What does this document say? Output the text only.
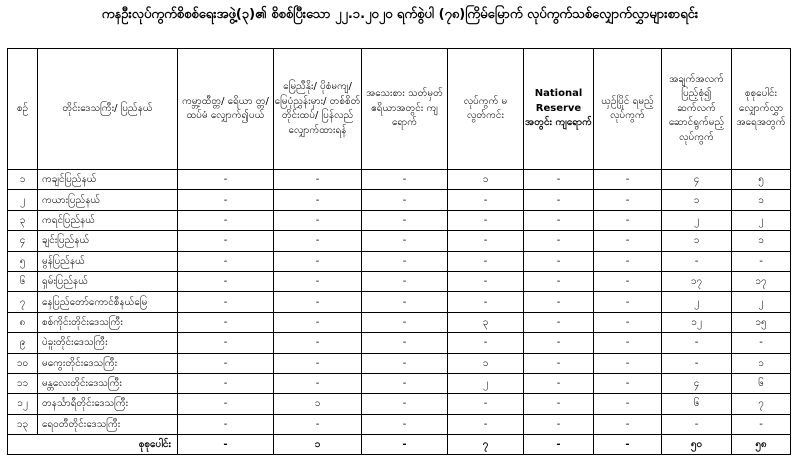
ကနဦးလုပ်ကွက်စိစစ်ရေးအဖွဲ့(၃)၏ စိစစ်ပြီးသော ၂၂.၁.၂၀၂၀ ရက်စွဲပါ (၇၈)ကြိမ်မြောက် လုပ်ကွက်သစ်လျှောက်လွှာများစာရင်း
စဉ်	တိုင်းဒေသကြီး/ ပြည်နယ်	ကမ္ဘာ့ထီတ္တ/ ရေိယာ တ္တ/ထပ်မံ လျှောက်၍ပယ်	မြေညီနိုး/ ပိုစံမကျ/ မြေပုံညွှန်းမှား/ တစ်စိတ်တိုင်းထပ်/ ပြန်လည် လျှောက်ထားရန်	အသေးစား သတ်မှတ် ဧရိယာအတွင်း ကျရောက်	လုပ်ကွက် မလွတ်ကင်း	National Reserve အတွင်း ကျရောက်	ယှဉ်ပြိုင် ရမည့် လုပ်ကွက်	အချက်အလက် ပြည့်စုံ၍ ဆက်လက် ဆောင်ရွက်မည့် လုပ်ကွက်	စုစုပေါင်း လျှောက်လွှာ အရေအတွက်
၁	ကချင်ပြည်နယ်	-	-	-	၁	-	-	၄	၅
၂	ကယားပြည်နယ်	-	-	-	-	-	-	၁	၁
၃	ကရင်ပြည်နယ်	-	-	-	-	-	-	၂	၂
၄	ချင်းပြည်နယ်	-	-	-	-	-	-	၁	၁
၅	မွန်ပြည်နယ်	-	-	-	-	-	-	-	-
၆	ရှမ်းပြည်နယ်	-	-	-	-	-	-	၁၇	၁၇
၇	နေပြည်တော်ကောင်စီနယ်မြေ	-	-	-	-	-	-	၂	၂
၈	စစ်ကိုင်းတိုင်းဒေသကြီး	-	-	-	၃	-	-	၁၂	၁၅
၉	ပဲခူးတိုင်းဒေသကြီး	-	-	-	-	-	-	-	-
၁၀	မကွေးတိုင်းဒေသကြီး	-	-	-	၁	-	-	-	၁
၁၁	မန္တလေးတိုင်းဒေသကြီး	-	-	-	၂	-	-	၄	၆
၁၂	တနင်္သာရီတိုင်းဒေသကြီး	-	၁	-	-	-	-	၆	၇
၁၃	ရေဝတီတိုင်းဒေသကြီး	-	-	-	-	-	-	-	-
စုစုပေါင်း		-	၁	-	၇	-	-	၅၀	၅၈
